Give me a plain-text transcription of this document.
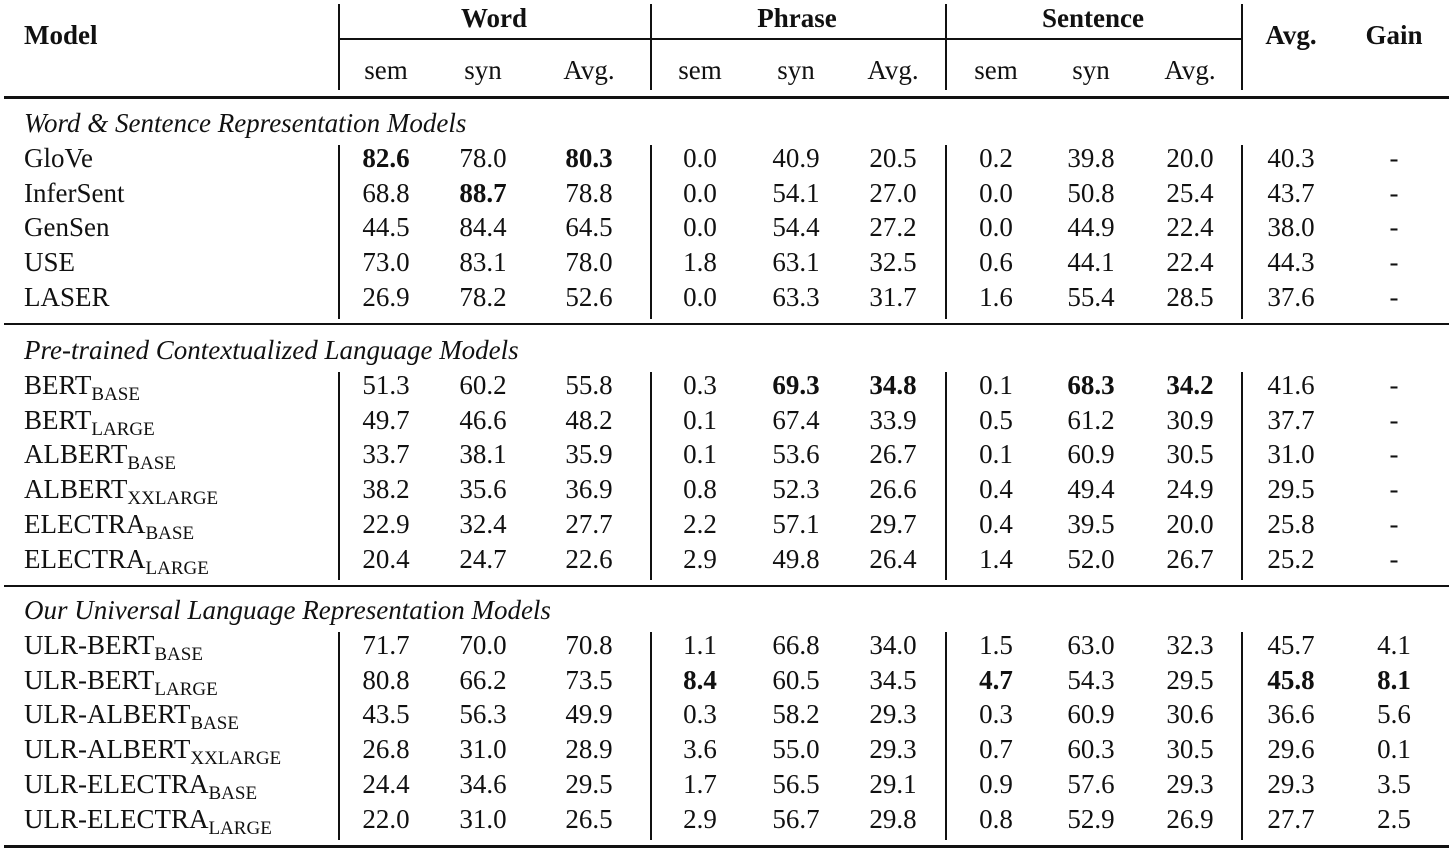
Model
Word	Phrase	Sentence
sem	syn	Avg.	sem	syn	Avg.	sem	syn	Avg.
Avg.	Gain
Word & Sentence Representation Models
GloVe	82.6	78.0	80.3	0.0	40.9	20.5	0.2	39.8	20.0	40.3	-
InferSent	68.8	88.7	78.8	0.0	54.1	27.0	0.0	50.8	25.4	43.7	-
GenSen	44.5	84.4	64.5	0.0	54.4	27.2	0.0	44.9	22.4	38.0	-
USE	73.0	83.1	78.0	1.8	63.1	32.5	0.6	44.1	22.4	44.3	-
LASER	26.9	78.2	52.6	0.0	63.3	31.7	1.6	55.4	28.5	37.6	-
Pre-trained Contextualized Language Models
$BERT_{BASE}$	51.3	60.2	55.8	0.3	69.3	34.8	0.1	68.3	34.2	41.6	-
$BERT_{LARGE}$	49.7	46.6	48.2	0.1	67.4	33.9	0.5	61.2	30.9	37.7	-
$ALBERT_{BASE}$	33.7	38.1	35.9	0.1	53.6	26.7	0.1	60.9	30.5	31.0	-
$ALBERT_{XXLARGE}$	38.2	35.6	36.9	0.8	52.3	26.6	0.4	49.4	24.9	29.5	-
$ELECTRA_{BASE}$	22.9	32.4	27.7	2.2	57.1	29.7	0.4	39.5	20.0	25.8	-
$ELECTRA_{LARGE}$	20.4	24.7	22.6	2.9	49.8	26.4	1.4	52.0	26.7	25.2	-
Our Universal Language Representation Models
ULR-$BERT_{BASE}$	71.7	70.0	70.8	1.1	66.8	34.0	1.5	63.0	32.3	45.7	4.1
ULR-$BERT_{LARGE}$	80.8	66.2	73.5	8.4	60.5	34.5	4.7	54.3	29.5	45.8	8.1
ULR-$ALBERT_{BASE}$	43.5	56.3	49.9	0.3	58.2	29.3	0.3	60.9	30.6	36.6	5.6
ULR-$ALBERT_{XXLARGE}$	26.8	31.0	28.9	3.6	55.0	29.3	0.7	60.3	30.5	29.6	0.1
ULR-$ELECTRA_{BASE}$	24.4	34.6	29.5	1.7	56.5	29.1	0.9	57.6	29.3	29.3	3.5
ULR-$ELECTRA_{LARGE}$	22.0	31.0	26.5	2.9	56.7	29.8	0.8	52.9	26.9	27.7	2.5
